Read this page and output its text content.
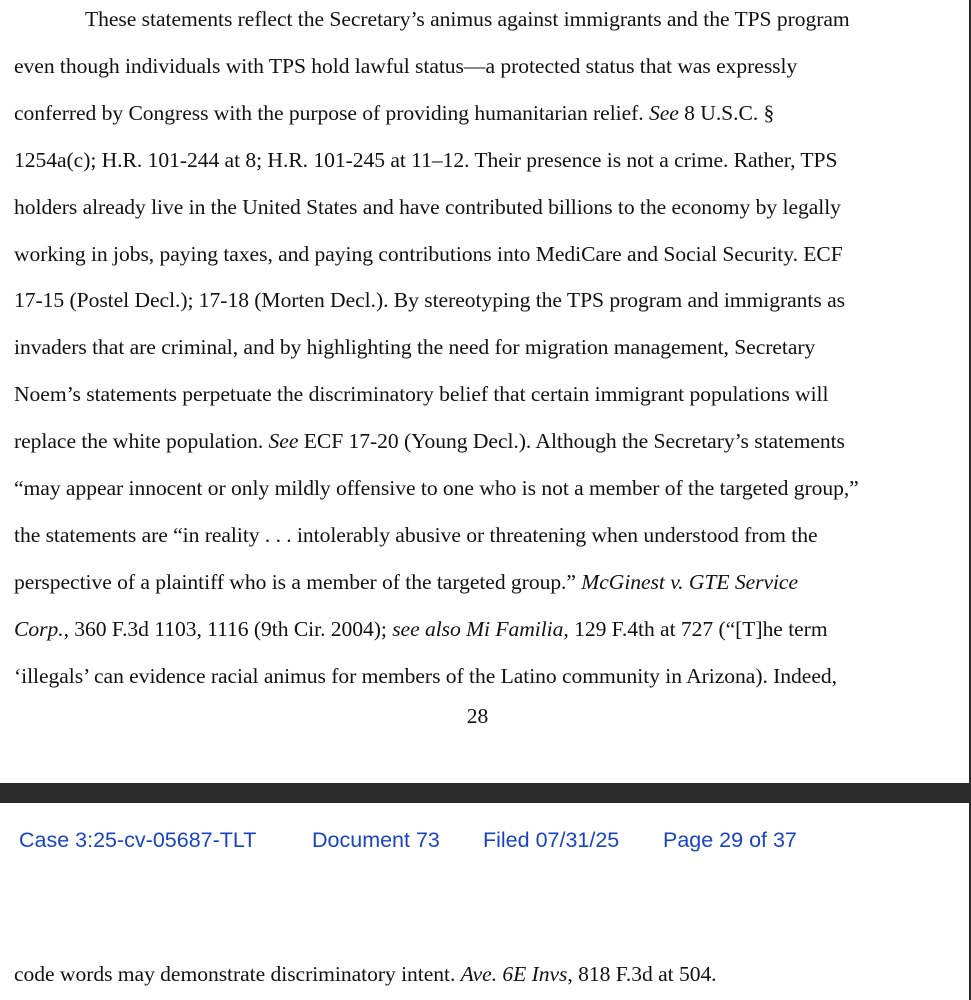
These statements reflect the Secretary’s animus against immigrants and the TPS program
even though individuals with TPS hold lawful status—a protected status that was expressly
conferred by Congress with the purpose of providing humanitarian relief. See 8 U.S.C. §
1254a(c); H.R. 101-244 at 8; H.R. 101-245 at 11–12. Their presence is not a crime. Rather, TPS
holders already live in the United States and have contributed billions to the economy by legally
working in jobs, paying taxes, and paying contributions into MediCare and Social Security. ECF
17-15 (Postel Decl.); 17-18 (Morten Decl.). By stereotyping the TPS program and immigrants as
invaders that are criminal, and by highlighting the need for migration management, Secretary
Noem’s statements perpetuate the discriminatory belief that certain immigrant populations will
replace the white population. See ECF 17-20 (Young Decl.). Although the Secretary’s statements
“may appear innocent or only mildly offensive to one who is not a member of the targeted group,”
the statements are “in reality . . . intolerably abusive or threatening when understood from the
perspective of a plaintiff who is a member of the targeted group.” McGinest v. GTE Service
Corp., 360 F.3d 1103, 1116 (9th Cir. 2004); see also Mi Familia, 129 F.4th at 727 (“[T]he term
‘illegals’ can evidence racial animus for members of the Latino community in Arizona). Indeed,
28
Case 3:25-cv-05687-TLT	Document 73 Filed 07/31/25 Page 29 of 37
code words may demonstrate discriminatory intent. Ave. 6E Invs, 818 F.3d at 504.
